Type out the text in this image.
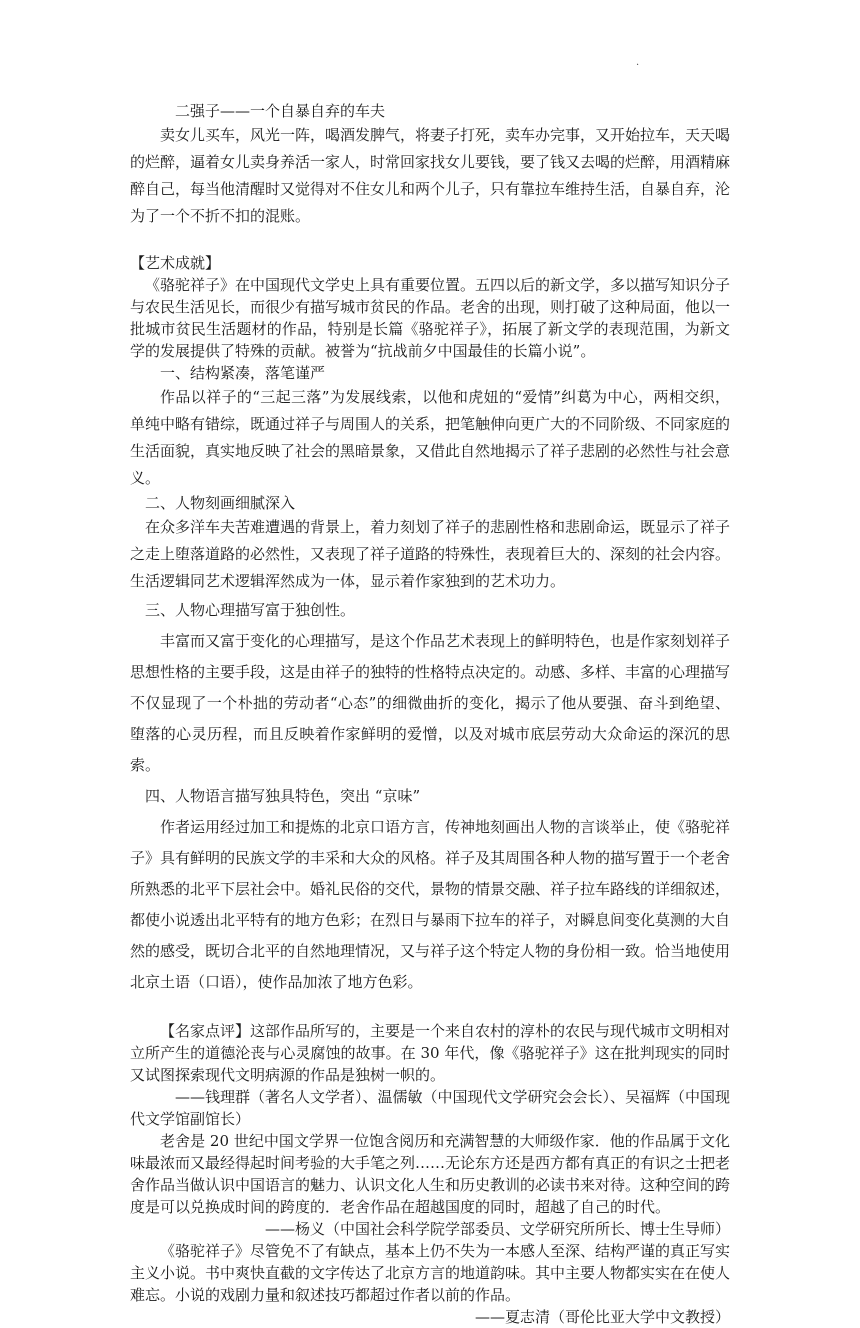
·

二强子——一个自暴自弃的车夫

卖女儿买车，风光一阵，喝酒发脾气，将妻子打死，卖车办完事，又开始拉车，天天喝的烂醉，逼着女儿卖身养活一家人，时常回家找女儿要钱，要了钱又去喝的烂醉，用酒精麻醉自己，每当他清醒时又觉得对不住女儿和两个儿子，只有靠拉车维持生活，自暴自弃，沦为了一个不折不扣的混账。

【艺术成就】

《骆驼祥子》在中国现代文学史上具有重要位置。五四以后的新文学，多以描写知识分子与农民生活见长，而很少有描写城市贫民的作品。老舍的出现，则打破了这种局面，他以一批城市贫民生活题材的作品，特别是长篇《骆驼祥子》，拓展了新文学的表现范围，为新文学的发展提供了特殊的贡献。被誉为“抗战前夕中国最佳的长篇小说”。

一、结构紧凑，落笔谨严

作品以祥子的“三起三落”为发展线索，以他和虎妞的“爱情”纠葛为中心，两相交织，单纯中略有错综，既通过祥子与周围人的关系，把笔触伸向更广大的不同阶级、不同家庭的生活面貌，真实地反映了社会的黑暗景象，又借此自然地揭示了祥子悲剧的必然性与社会意义。

二、人物刻画细腻深入

在众多洋车夫苦难遭遇的背景上，着力刻划了祥子的悲剧性格和悲剧命运，既显示了祥子之走上堕落道路的必然性，又表现了祥子道路的特殊性，表现着巨大的、深刻的社会内容。生活逻辑同艺术逻辑浑然成为一体，显示着作家独到的艺术功力。

三、人物心理描写富于独创性。

丰富而又富于变化的心理描写，是这个作品艺术表现上的鲜明特色，也是作家刻划祥子思想性格的主要手段，这是由祥子的独特的性格特点决定的。动感、多样、丰富的心理描写不仅显现了一个朴拙的劳动者“心态”的细微曲折的变化，揭示了他从要强、奋斗到绝望、堕落的心灵历程，而且反映着作家鲜明的爱憎，以及对城市底层劳动大众命运的深沉的思索。

四、人物语言描写独具特色，突出 “京味”

作者运用经过加工和提炼的北京口语方言，传神地刻画出人物的言谈举止，使《骆驼祥子》具有鲜明的民族文学的丰采和大众的风格。祥子及其周围各种人物的描写置于一个老舍所熟悉的北平下层社会中。婚礼民俗的交代，景物的情景交融、祥子拉车路线的详细叙述，都使小说透出北平特有的地方色彩；在烈日与暴雨下拉车的祥子，对瞬息间变化莫测的大自然的感受，既切合北平的自然地理情况，又与祥子这个特定人物的身份相一致。恰当地使用北京土语（口语），使作品加浓了地方色彩。

【名家点评】这部作品所写的，主要是一个来自农村的淳朴的农民与现代城市文明相对立所产生的道德沦丧与心灵腐蚀的故事。在 30 年代，像《骆驼祥子》这在批判现实的同时又试图探索现代文明病源的作品是独树一帜的。

——钱理群（著名人文学者）、温儒敏（中国现代文学研究会会长）、吴福辉（中国现代文学馆副馆长）

老舍是 20 世纪中国文学界一位饱含阅历和充满智慧的大师级作家．他的作品属于文化味最浓而又最经得起时间考验的大手笔之列……无论东方还是西方都有真正的有识之士把老舍作品当做认识中国语言的魅力、认识文化人生和历史教训的必读书来对待。这种空间的跨度是可以兑换成时间的跨度的．老舍作品在超越国度的同时，超越了自己的时代。

——杨义（中国社会科学院学部委员、文学研究所所长、博士生导师）

《骆驼祥子》尽管免不了有缺点，基本上仍不失为一本感人至深、结构严谨的真正写实主义小说。书中爽快直截的文字传达了北京方言的地道韵味。其中主要人物都实实在在使人难忘。小说的戏剧力量和叙述技巧都超过作者以前的作品。

——夏志清（哥伦比亚大学中文教授）
